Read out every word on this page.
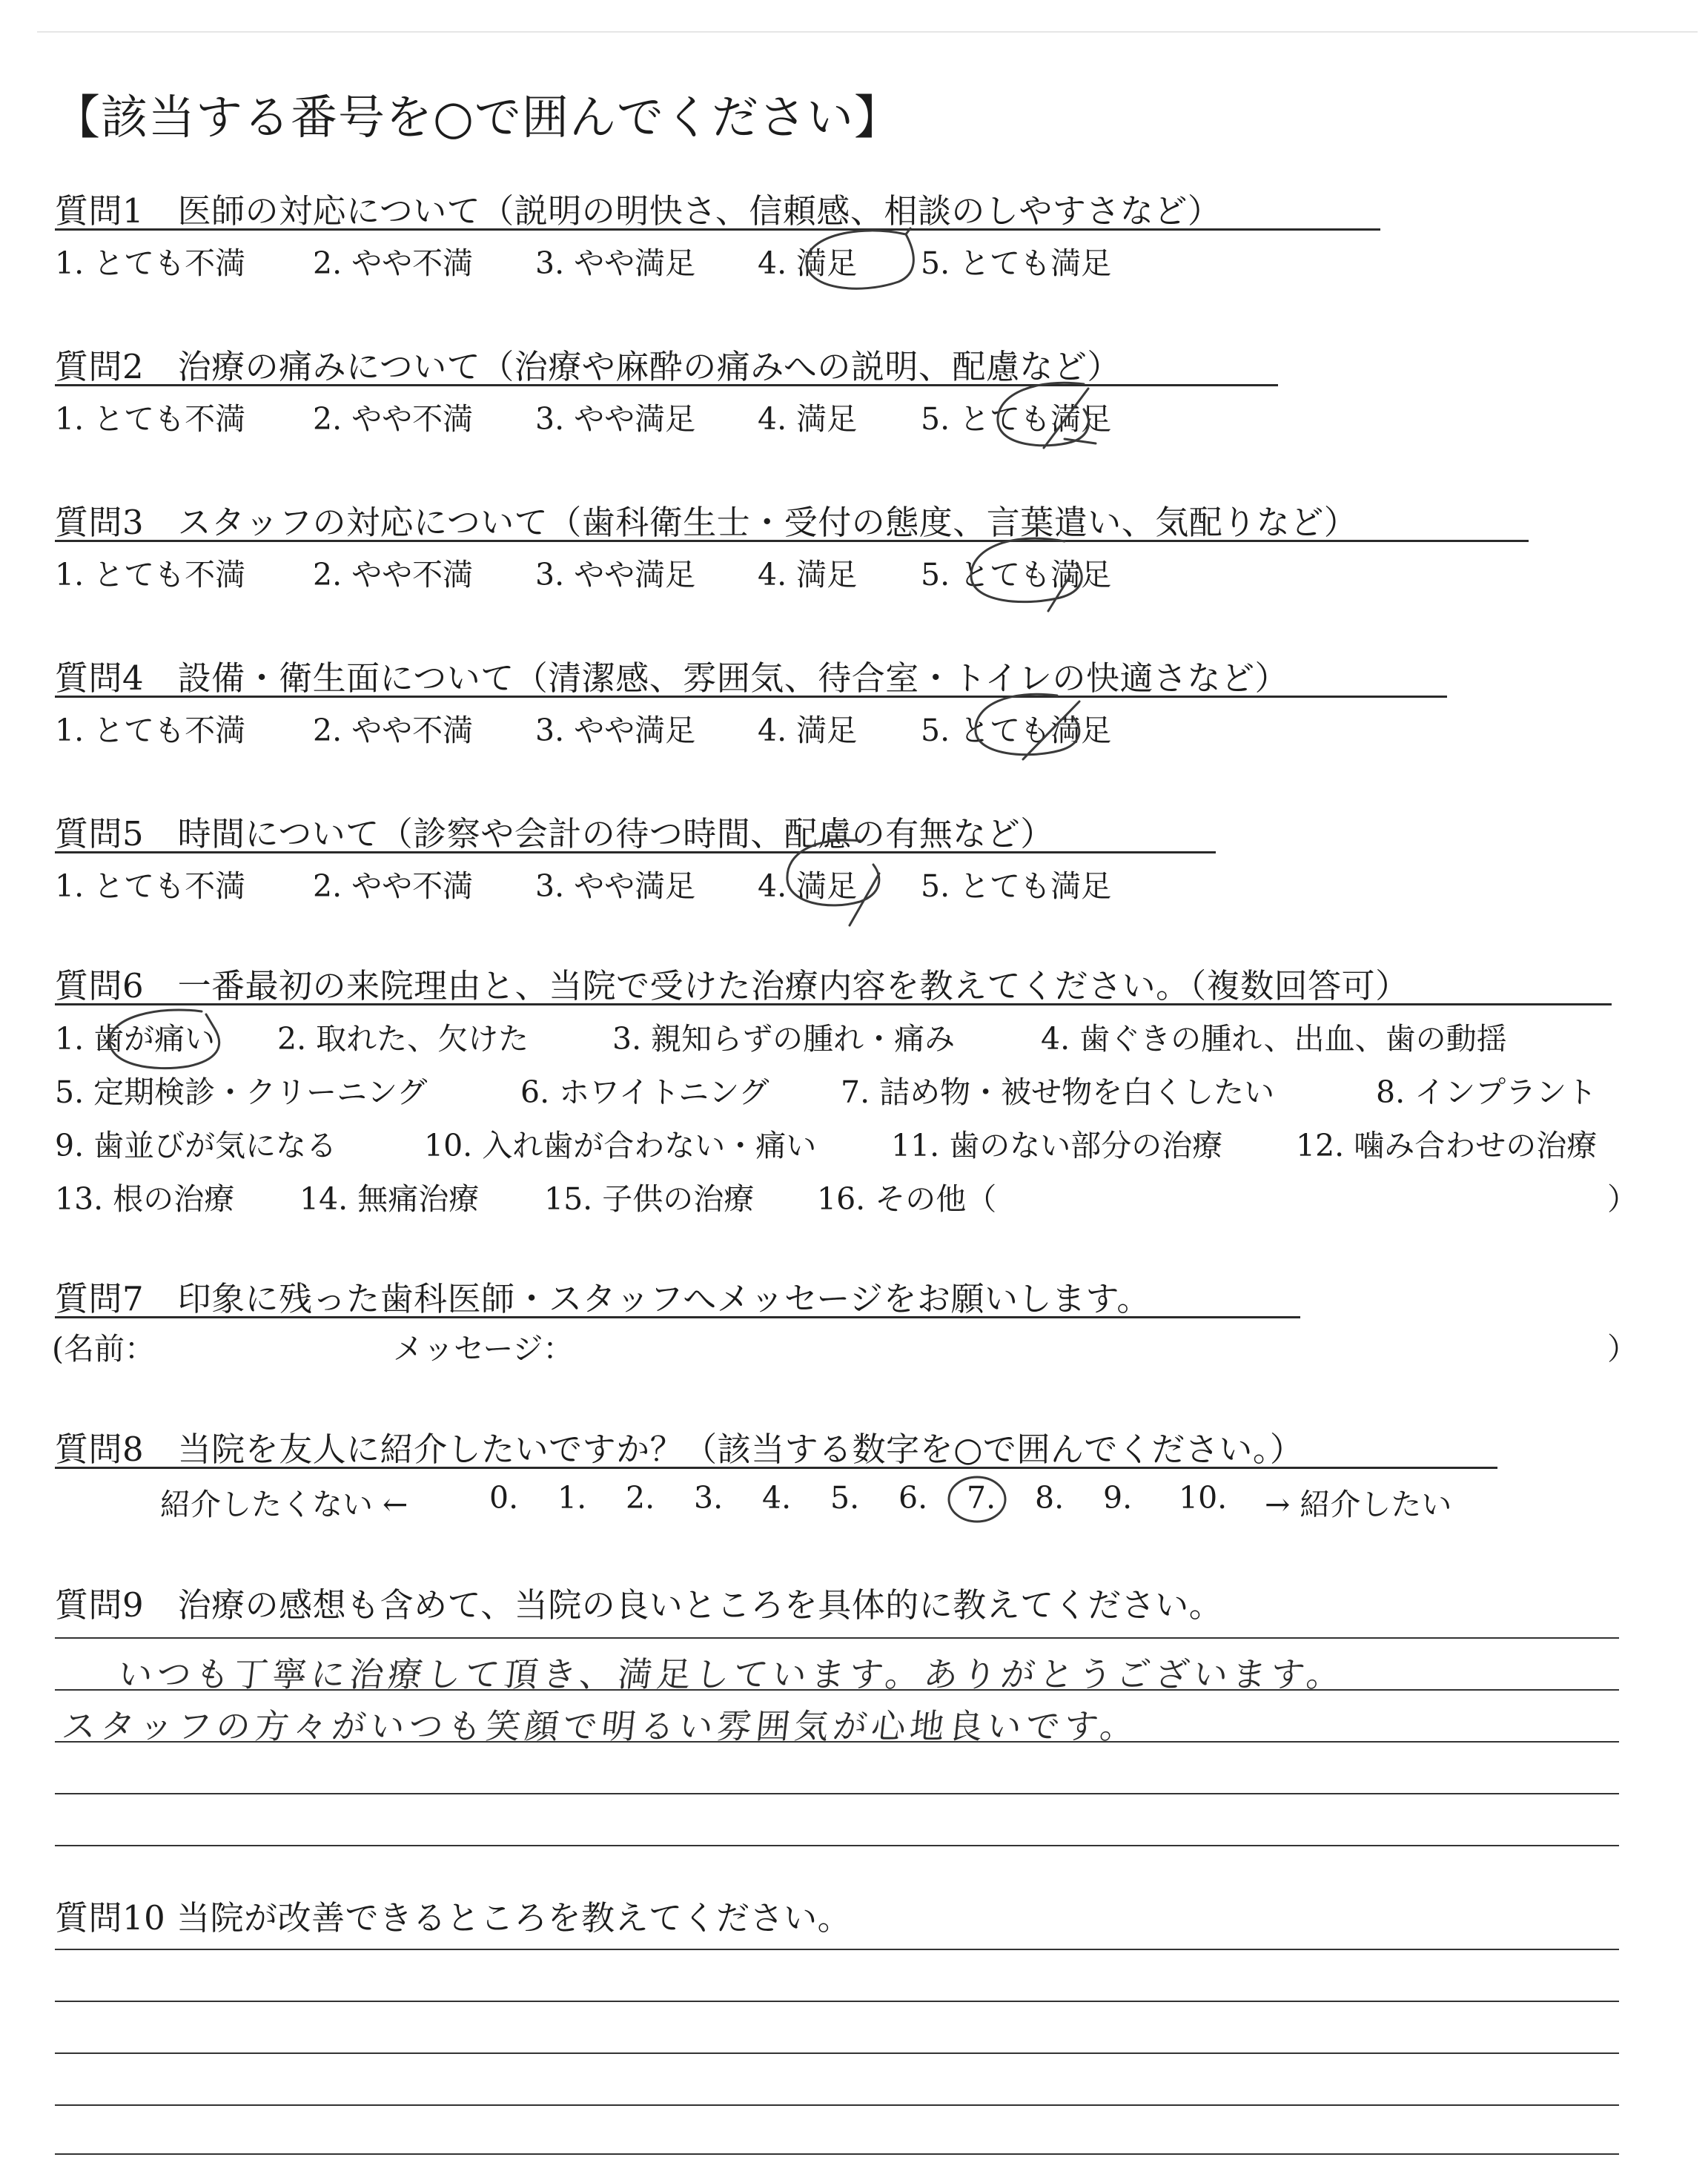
【該当する番号を○で囲んでください】
質問1　医師の対応について（説明の明快さ、信頼感、相談のしやすさなど）
1. とても不満 2. やや不満 3. やや満足 4. 満足 5. とても満足
質問2　治療の痛みについて（治療や麻酔の痛みへの説明、配慮など）
1. とても不満 2. やや不満 3. やや満足 4. 満足 5. とても満足
質問3　スタッフの対応について（歯科衛生士・受付の態度、言葉遣い、気配りなど）
1. とても不満 2. やや不満 3. やや満足 4. 満足 5. とても満足
質問4　設備・衛生面について（清潔感、雰囲気、待合室・トイレの快適さなど）
1. とても不満 2. やや不満 3. やや満足 4. 満足 5. とても満足
質問5　時間について（診察や会計の待つ時間、配慮の有無など）
1. とても不満 2. やや不満 3. やや満足 4. 満足 5. とても満足
質問6　一番最初の来院理由と、当院で受けた治療内容を教えてください。（複数回答可）
1. 歯が痛い 2. 取れた、欠けた	3. 親知らずの腫れ・痛み	4. 歯ぐきの腫れ、出血、歯の動揺
5. 定期検診・クリーニング	6. ホワイトニング 7. 詰め物・被せ物を白くしたい	8. インプラント
9. 歯並びが気になる	10. 入れ歯が合わない・痛い 11. 歯のない部分の治療 12. 噛み合わせの治療
13. 根の治療 14. 無痛治療 15. 子供の治療 16. その他（	）
質問7　印象に残った歯科医師・スタッフへメッセージをお願いします。
(名前：	メッセージ：	）
質問8　当院を友人に紹介したいですか？（該当する数字を○で囲んでください。）
紹介したくない ←	0. 1. 2. 3. 4. 5. 6. 7. 8. 9. 10. → 紹介したい
質問9　治療の感想も含めて、当院の良いところを具体的に教えてください。
いつも丁寧に治療して頂き、満足しています。ありがとうございます。
スタッフの方々がいつも笑顔で明るい雰囲気が心地良いです。
質問10 当院が改善できるところを教えてください。
